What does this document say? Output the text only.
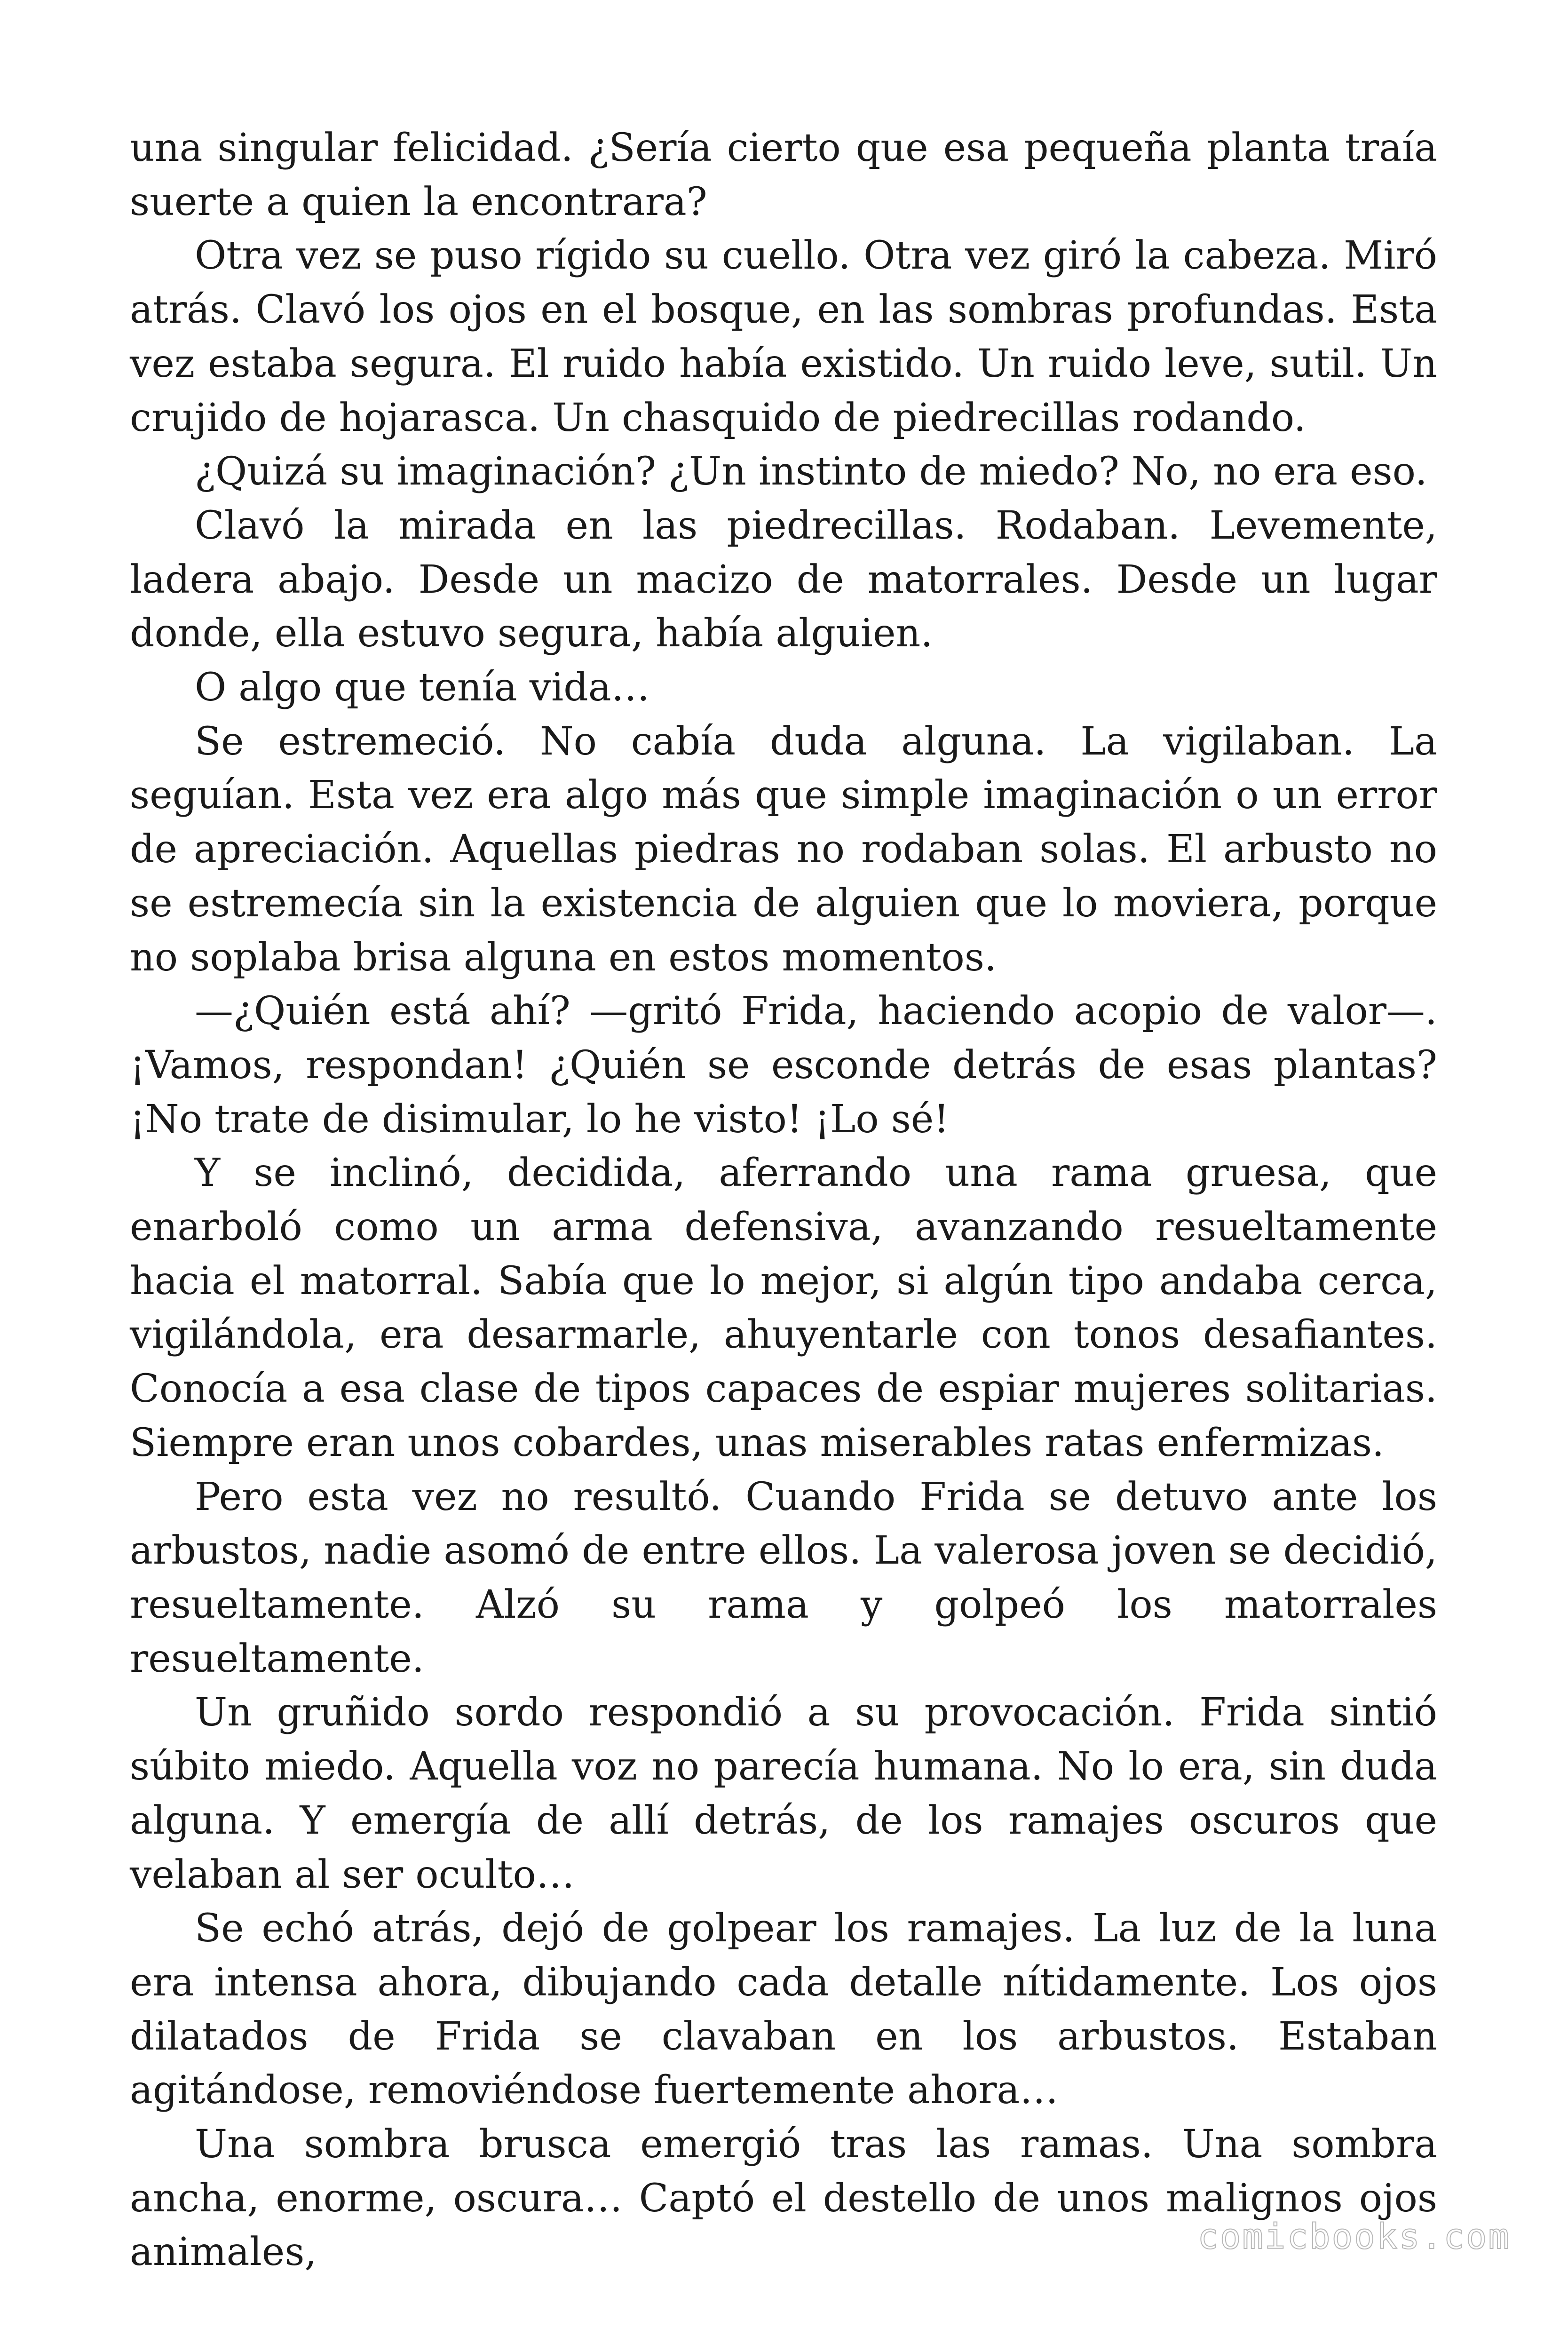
una singular felicidad. ¿Sería cierto que esa pequeña planta traía suerte a quien la encontrara?

Otra vez se puso rígido su cuello. Otra vez giró la cabeza. Miró atrás. Clavó los ojos en el bosque, en las sombras profundas. Esta vez estaba segura. El ruido había existido. Un ruido leve, sutil. Un crujido de hojarasca. Un chasquido de piedrecillas rodando.

¿Quizá su imaginación? ¿Un instinto de miedo? No, no era eso.

Clavó la mirada en las piedrecillas. Rodaban. Levemente, ladera abajo. Desde un macizo de matorrales. Desde un lugar donde, ella estuvo segura, había alguien.

O algo que tenía vida…

Se estremeció. No cabía duda alguna. La vigilaban. La seguían. Esta vez era algo más que simple imaginación o un error de apreciación. Aquellas piedras no rodaban solas. El arbusto no se estremecía sin la existencia de alguien que lo moviera, porque no soplaba brisa alguna en estos momentos.

—¿Quién está ahí? —gritó Frida, haciendo acopio de valor—. ¡Vamos, respondan! ¿Quién se esconde detrás de esas plantas? ¡No trate de disimular, lo he visto! ¡Lo sé!

Y se inclinó, decidida, aferrando una rama gruesa, que enarboló como un arma defensiva, avanzando resueltamente hacia el matorral. Sabía que lo mejor, si algún tipo andaba cerca, vigilándola, era desarmarle, ahuyentarle con tonos desafiantes. Conocía a esa clase de tipos capaces de espiar mujeres solitarias. Siempre eran unos cobardes, unas miserables ratas enfermizas.

Pero esta vez no resultó. Cuando Frida se detuvo ante los arbustos, nadie asomó de entre ellos. La valerosa joven se decidió, resueltamente. Alzó su rama y golpeó los matorrales resueltamente.

Un gruñido sordo respondió a su provocación. Frida sintió súbito miedo. Aquella voz no parecía humana. No lo era, sin duda alguna. Y emergía de allí detrás, de los ramajes oscuros que velaban al ser oculto…

Se echó atrás, dejó de golpear los ramajes. La luz de la luna era intensa ahora, dibujando cada detalle nítidamente. Los ojos dilatados de Frida se clavaban en los arbustos. Estaban agitándose, removiéndose fuertemente ahora…

Una sombra brusca emergió tras las ramas. Una sombra ancha, enorme, oscura… Captó el destello de unos malignos ojos animales,	comicbooks.com
